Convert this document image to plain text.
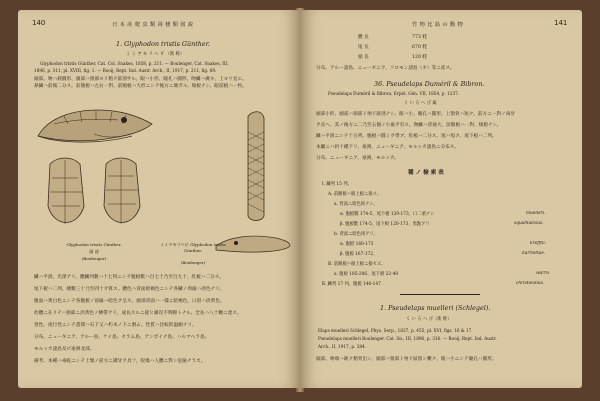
140	日 本 産 爬 虫 類 両 棲 類 図 説
1. Glyphodon tristis Günther.
ミ ミ ヤ モ リ ヘ ビ （新 称）
Glyphodon tristis Günther, Cat. Col. Snakes, 1858, p. 211. — Boulenger, Cat. Snakes, III,
1896, p. 311, pl. XVIII, fig. 1. — Rooij, Rept. Ind. Austr. Arch., II, 1917, p. 211, fig. 89.
頭部。吻ハ鈍圓形、頭部ハ頸部ヨリ稍ク區別サル。眼ハ小形、瞳孔ハ圓形。吻鱗ハ廣キ、上ヨリ見エ。
鼻鱗ハ前後二分ス。前額板ハ左右一對、前額板ハ大形ニシテ後方ニ廣ガル。頬板ナシ、眼前板ハ一枚。
Glyphodon tristis Günther.
頭 部
(Boulenger)
ミミヤモリヘビ Glyphodon tristis Günther.
(Boulenger)
鱗ハ平滑、光澤アリ。體鱗列數ハ十七列ニシテ腹板數ハ百七十乃至百九十、肛板ハ二分ス。
尾下板ハ二列、總數三十乃至四十ヲ算ス。體色ハ背面暗褐色ニシテ各鱗ノ周縁ハ淡色ナリ。
腹面ハ黄白色ニシテ各腹板ノ前縁ハ暗色ヲ呈ス。頭部背面ハ一樣ニ暗褐色、口唇ハ淡黄色。
幼體ニ在リテハ頸部ニ淡黄色ノ横帶アリ、成長スルニ從ヒ漸次不明瞭トナル。全長ハ八十糎ニ達ス。
習性。夜行性ニシテ晝間ハ石下又ハ朽木ノ下ニ潛ム。性質ハ比較的温順ナリ。
分布。ニューギニア、アルー島、ケイ島、セラム島、アンボイナ島、ハルマヘラ島、
モルッカ諸島及ビ豪洲北部。
備考。本種ハ毒蛇ニシテ上顎ノ前方ニ溝牙ヲ具フ。咬傷ハ人體ニ對シ危險ナラズ。
竹 物 比 島 の 動 物	141
體 長	773 粍
尾 長	670 粍
頭 長	120 粍
分布。アルー諸島、ニューギニア、ソロモン諸島（オ）等ニ産ス。
36. Pseudelaps Duméril & Bibron.
Pseudelaps Duméril & Bibron, Erpét. Gén. VII, 1854, p. 1237.
く い ろ へ び 属
頭部小形、頭部ハ頸部ト殆ド區別ナシ。眼ハ小、瞳孔ハ圓形。上顎骨ハ短ク、前方ニ一對ノ毒牙
ヲ具ヘ、其ノ後方ニ二乃至五個ノ小歯ヲ有ス。吻鱗ハ普通大、前額板ハ一對、頬板ナシ。
鱗ハ平滑ニシテ十五列。腹板ハ圓ミヲ帯ブ。肛板ハ二分ス。尾ハ短ク、尾下板ハ二列。
本屬ニハ約十種アリ、豪洲、ニューギニア、モルッカ諸島ニ分布ス。
分布。ニューギニア、豪洲、モルッカ。
種 ノ 檢 索 表
Ⅰ. 鱗列 15 列。
A. 前額板ハ眼上板ニ接ス。
a. 背面ニ暗色斑ナシ。
α. 腹板數 174-5、尾下板 129-173、口二重ナシ	muelleri.
β. 腹板數 174-5、尾下板 120-173、黒點アリ	squamulosus.
b. 背面ニ暗色斑アリ。
α. 腹板 160-173	krefftii.
β. 腹板 167-172、	harriettae.
B. 前額板ハ眼上板ニ接セズ。
a. 腹板 185-206、尾下板 22-40	warro.
Ⅱ. 鱗列 17 列。腹板 140-147	christieanus.
1. Pseudelaps muelleri (Schlegel).
く い ろ へ び（新 称）
Elaps muelleri Schlegel, Phys. Serp., 1837, p. 455, pl. XVI, figs. 16 & 17.
Pseudelaps muelleri Boulenger, Cat. Sn., III, 1896, p. 316. — Rooij, Rept. Ind. Austr.
Arch., II, 1917, p. 284.
頭部。吻端ハ鈍ク稍突出シ、頭部ハ頸部ト殆ド區別シ難ク、眼ハ小ニシテ瞳孔ハ圓形。
